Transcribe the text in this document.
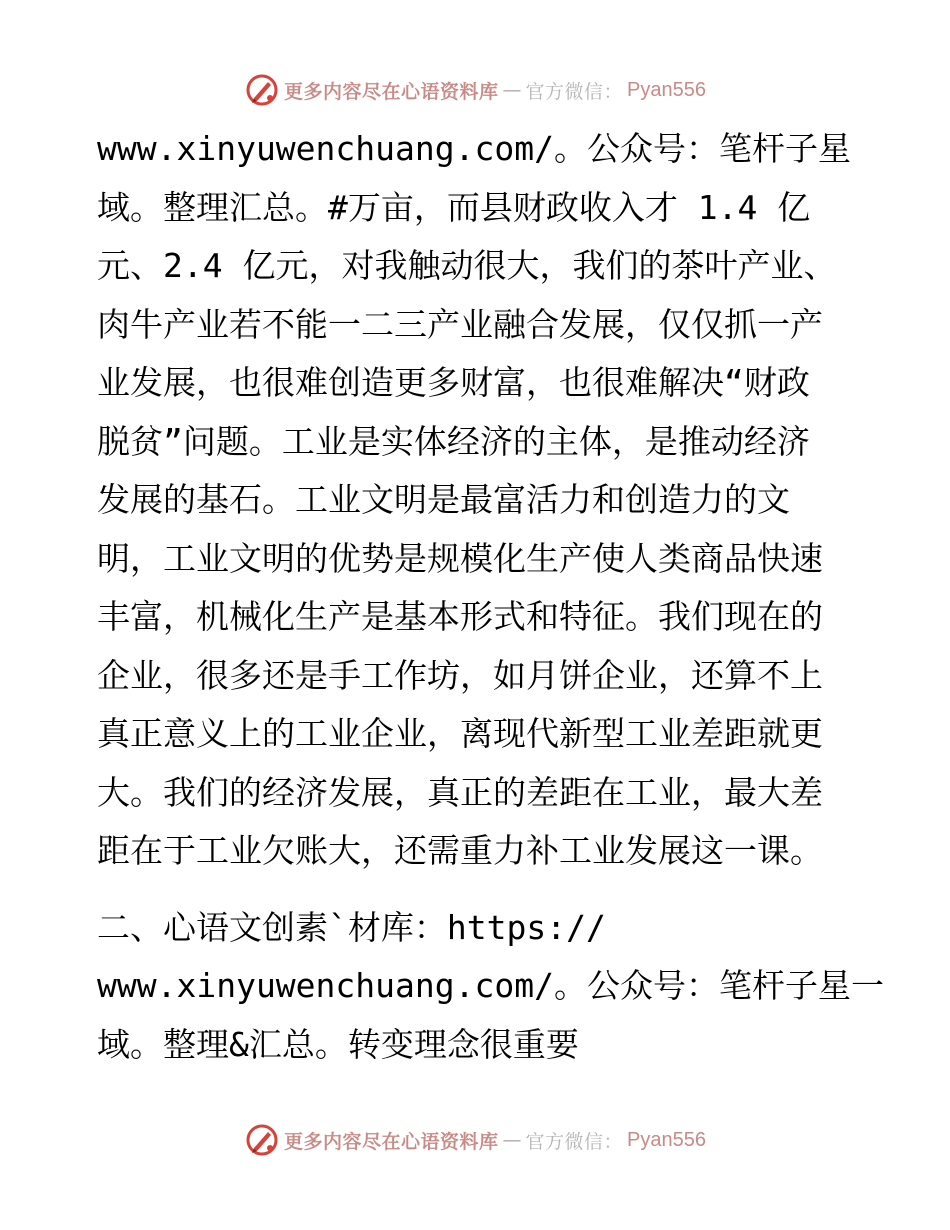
更多内容尽在心语资料库 — 官方微信： Pyan556
www.xinyuwenchuang.com/。公众号：笔杆子星
域。整理汇总。#万亩，而县财政收入才 1.4 亿
元、2.4 亿元，对我触动很大，我们的茶叶产业、
肉牛产业若不能一二三产业融合发展，仅仅抓一产
业发展，也很难创造更多财富，也很难解决“财政
脱贫”问题。工业是实体经济的主体，是推动经济
发展的基石。工业文明是最富活力和创造力的文
明，工业文明的优势是规模化生产使人类商品快速
丰富，机械化生产是基本形式和特征。我们现在的
企业，很多还是手工作坊，如月饼企业，还算不上
真正意义上的工业企业，离现代新型工业差距就更
大。我们的经济发展，真正的差距在工业，最大差
距在于工业欠账大，还需重力补工业发展这一课。
二、心语文创素`材库：https://
www.xinyuwenchuang.com/。公众号：笔杆子星一
域。整理&汇总。转变理念很重要
更多内容尽在心语资料库 — 官方微信： Pyan556
